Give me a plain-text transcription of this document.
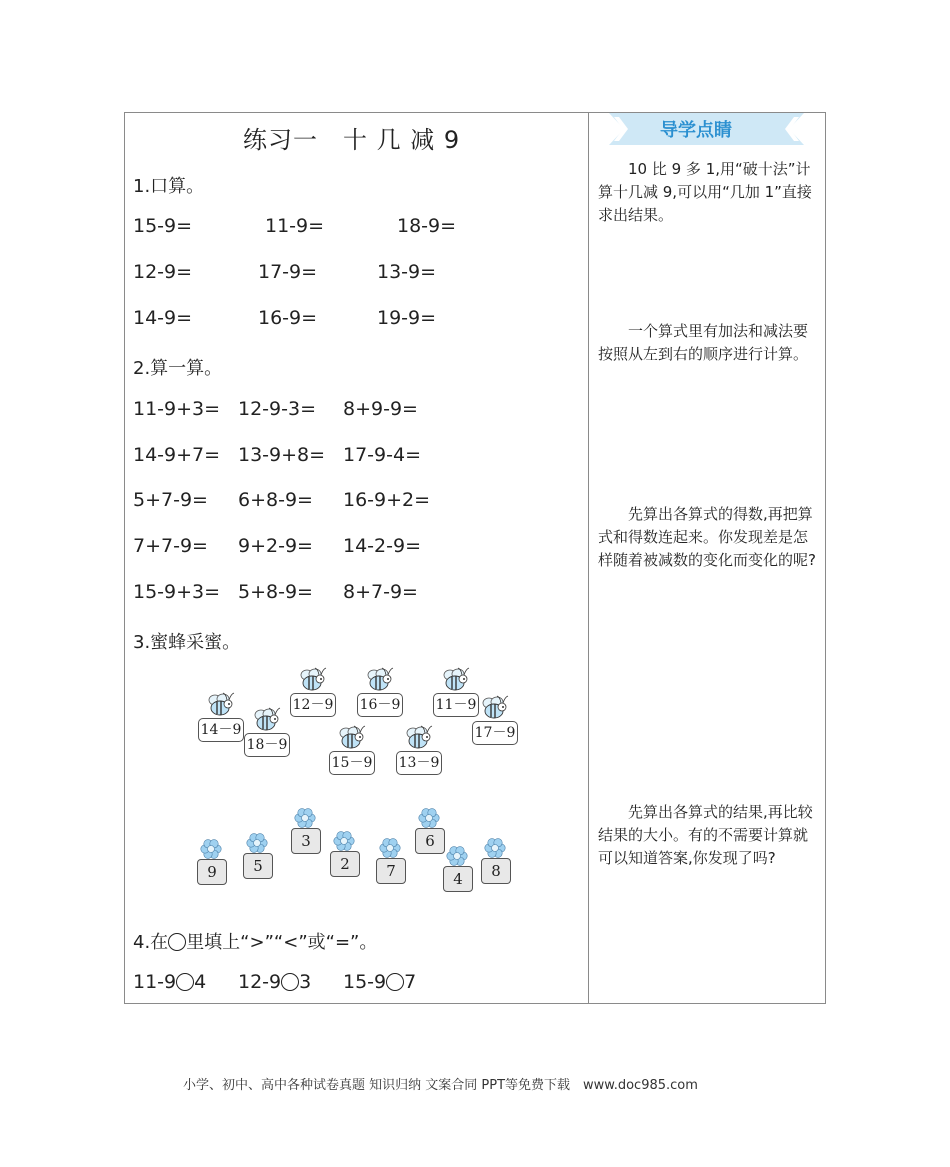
练习一　十 几 减 9
1.口算。
15-9=	11-9=	18-9=
12-9=	17-9=	13-9=
14-9=	16-9=	19-9=
2.算一算。
11-9+3= 12-9-3= 8+9-9=
14-9+7= 13-9+8= 17-9-4=
5+7-9= 6+8-9= 16-9+2=
7+7-9= 9+2-9= 14-2-9=
15-9+3= 5+8-9= 8+7-9=
3.蜜蜂采蜜。
14－9
18－9
12－9
15－9
16－9
13－9
11－9
17－9
9	5
3
2	7
6
4	8
4.在 里填上“>”“<”或“=”。
11-9 4 12-9 3 15-9 7
导学点睛
　　10 比 9 多 1,用“破十法”计算十几减 9,可以用“几加 1”直接求出结果。
　　一个算式里有加法和减法要按照从左到右的顺序进行计算。
　　先算出各算式的得数,再把算式和得数连起来。你发现差是怎样随着被减数的变化而变化的呢?
　　先算出各算式的结果,再比较结果的大小。有的不需要计算就可以知道答案,你发现了吗?
小学、初中、高中各种试卷真题 知识归纳 文案合同 PPT等免费下载　www.doc985.com
